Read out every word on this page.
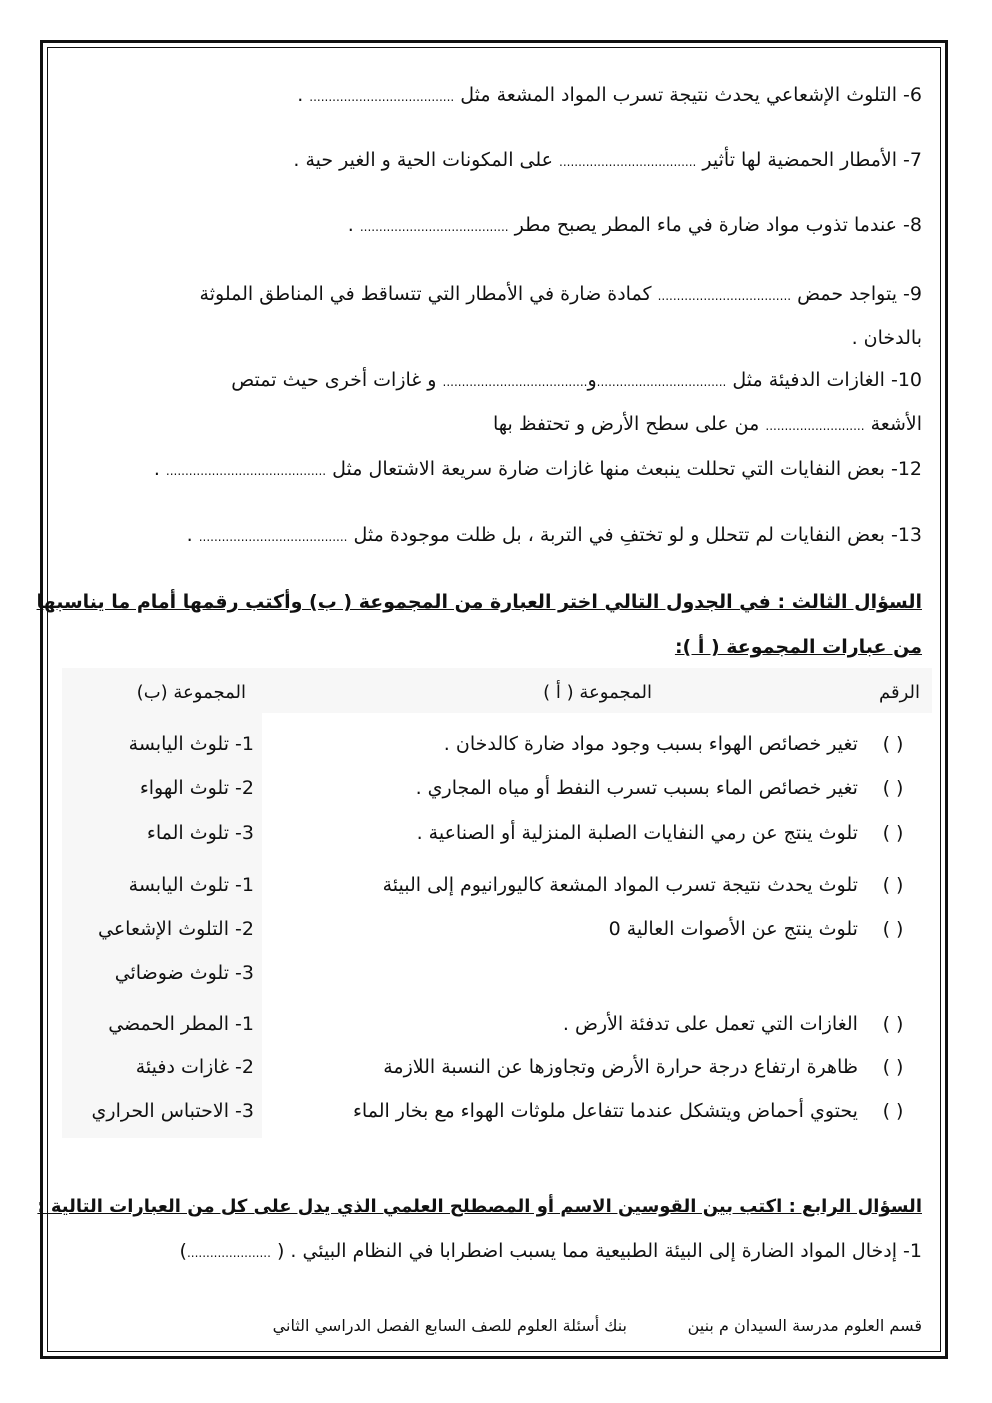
6- التلوث الإشعاعي يحدث نتيجة تسرب المواد المشعة مثل ...................................... .
7- الأمطار الحمضية لها تأثير .................................... على المكونات الحية و الغير حية .
8- عندما تذوب مواد ضارة في ماء المطر يصبح مطر ....................................... .
9- يتواجد حمض ................................... كمادة ضارة في الأمطار التي تتساقط في المناطق الملوثة
بالدخان .
10- الغازات الدفيئة مثل ..................................و...................................... و غازات أخرى حيث تمتص
الأشعة .......................... من على سطح الأرض و تحتفظ بها
12- بعض النفايات التي تحللت ينبعث منها غازات ضارة سريعة الاشتعال مثل .......................................... .
13- بعض النفايات لم تتحلل و لو تختفِ في التربة ، بل ظلت موجودة مثل ....................................... .
السؤال الثالث : في الجدول التالي اختر العبارة من المجموعة ( ب) وأكتب رقمها أمام ما يناسبها
من عبارات المجموعة ( أ ):
الرقم
المجموعة ( أ )
المجموعة (ب)
( ) تغير خصائص الهواء بسبب وجود مواد ضارة كالدخان .
( ) تغير خصائص الماء بسبب تسرب النفط أو مياه المجاري .
( ) تلوث ينتج عن رمي النفايات الصلبة المنزلية أو الصناعية .
1- تلوث اليابسة
2- تلوث الهواء
3- تلوث الماء
( ) تلوث يحدث نتيجة تسرب المواد المشعة كاليورانيوم إلى البيئة
( ) تلوث ينتج عن الأصوات العالية 0
1- تلوث اليابسة
2- التلوث الإشعاعي
3- تلوث ضوضائي
( ) الغازات التي تعمل على تدفئة الأرض .
( ) ظاهرة ارتفاع درجة حرارة الأرض وتجاوزها عن النسبة اللازمة
( ) يحتوي أحماض ويتشكل عندما تتفاعل ملوثات الهواء مع بخار الماء
1- المطر الحمضي
2- غازات دفيئة
3- الاحتباس الحراري
السؤال الرابع : اكتب بين القوسين الاسم أو المصطلح العلمي الذي يدل على كل من العبارات التالية :
1- إدخال المواد الضارة إلى البيئة الطبيعية مما يسبب اضطرابا في النظام البيئي . ( ......................)
قسم العلوم مدرسة السيدان م بنين
بنك أسئلة العلوم للصف السابع الفصل الدراسي الثاني
